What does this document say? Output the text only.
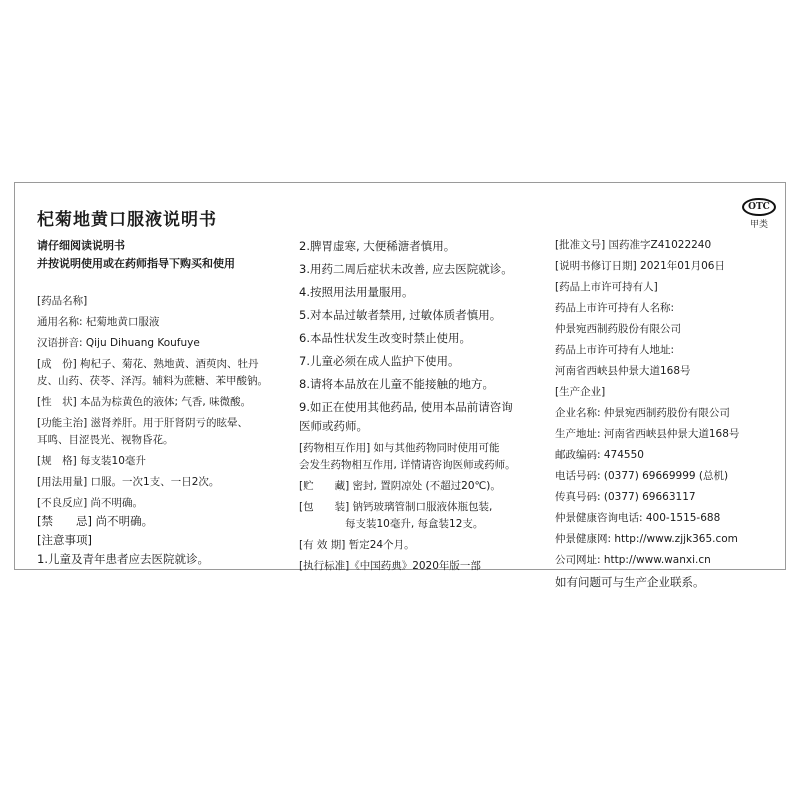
杞菊地黄口服液说明书
OTC
甲类

请仔细阅读说明书

并按说明使用或在药师指导下购买和使用

[药品名称]

通用名称: 杞菊地黄口服液

汉语拼音: Qiju Dihuang Koufuye

[成　份] 枸杞子、菊花、熟地黄、酒萸肉、牡丹

皮、山药、茯苓、泽泻。辅料为蔗糖、苯甲酸钠。

[性　状] 本品为棕黄色的液体; 气香, 味微酸。

[功能主治] 滋肾养肝。用于肝肾阴亏的眩晕、

耳鸣、目涩畏光、视物昏花。

[规　格] 每支装10毫升

[用法用量] 口服。一次1支、一日2次。

[不良反应] 尚不明确。

[禁　　忌] 尚不明确。

[注意事项]

1.儿童及青年患者应去医院就诊。

2.脾胃虚寒, 大便稀溏者慎用。

3.用药二周后症状未改善, 应去医院就诊。

4.按照用法用量服用。

5.对本品过敏者禁用, 过敏体质者慎用。

6.本品性状发生改变时禁止使用。

7.儿童必须在成人监护下使用。

8.请将本品放在儿童不能接触的地方。

9.如正在使用其他药品, 使用本品前请咨询

医师或药师。

[药物相互作用] 如与其他药物同时使用可能

会发生药物相互作用, 详情请咨询医师或药师。

[贮　　藏] 密封, 置阴凉处 (不超过20℃)。

[包　　装] 钠钙玻璃管制口服液体瓶包装,

每支装10毫升, 每盒装12支。

[有 效 期] 暂定24个月。

[执行标准]《中国药典》2020年版一部

[批准文号] 国药准字Z41022240

[说明书修订日期] 2021年01月06日

[药品上市许可持有人]

药品上市许可持有人名称:

仲景宛西制药股份有限公司

药品上市许可持有人地址:

河南省西峡县仲景大道168号

[生产企业]

企业名称: 仲景宛西制药股份有限公司

生产地址: 河南省西峡县仲景大道168号

邮政编码: 474550

电话号码: (0377) 69669999 (总机)

传真号码: (0377) 69663117

仲景健康咨询电话: 400-1515-688

仲景健康网: http://www.zjjk365.com

公司网址: http://www.wanxi.cn

如有问题可与生产企业联系。
